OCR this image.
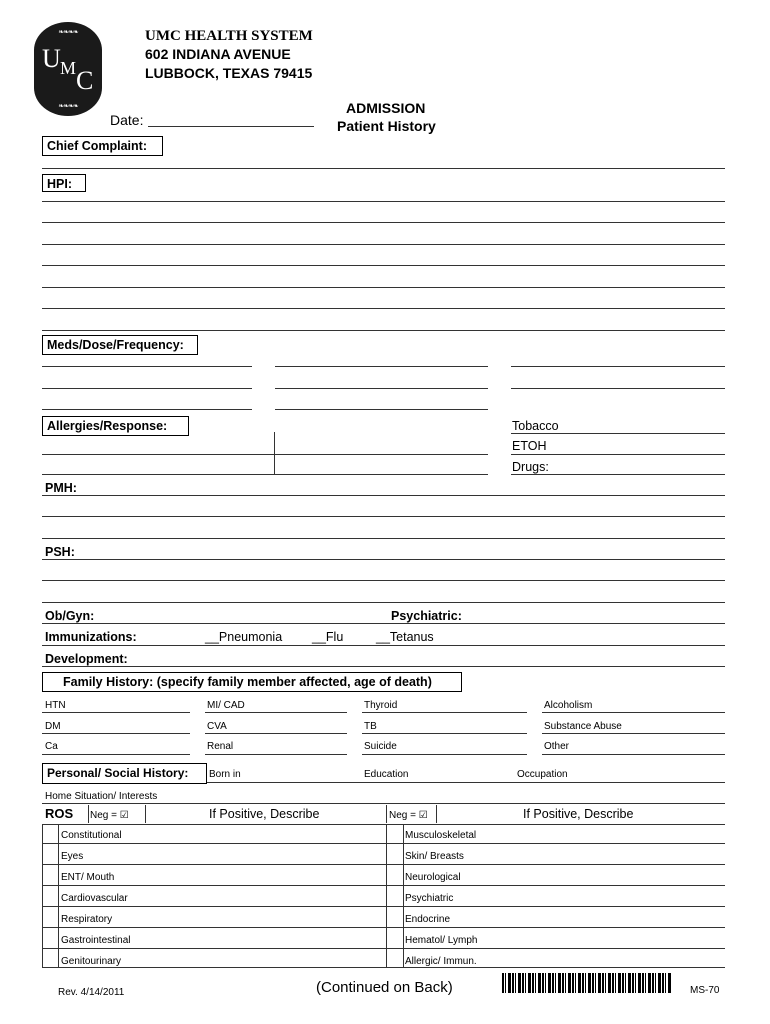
❧❧❧❧
U M C
❧❧❧❧
UMC HEALTH SYSTEM
602 INDIANA AVENUE
LUBBOCK, TEXAS 79415
ADMISSION
Patient History
Date:
Chief Complaint:
HPI:
Meds/Dose/Frequency:
Allergies/Response:	Tobacco
ETOH
Drugs:
PMH:
PSH:
Ob/Gyn:	Psychiatric:
Immunizations:	__Pneumonia __Flu	__Tetanus
Development:
Family History: (specify family member affected, age of death)
HTN	MI/ CAD	Thyroid	Alcoholism
DM	CVA	TB	Substance Abuse
Ca	Renal	Suicide	Other
Personal/ Social History:	Born in	Education	Occupation
Home Situation/ Interests
ROS Neg = ☑	If Positive, Describe	Neg = ☑	If Positive, Describe
Constitutional	Musculoskeletal
Eyes	Skin/ Breasts
ENT/ Mouth	Neurological
Cardiovascular	Psychiatric
Respiratory	Endocrine
Gastrointestinal	Hematol/ Lymph
Genitourinary	Allergic/ Immun.
Rev. 4/14/2011	(Continued on Back)	MS-70
